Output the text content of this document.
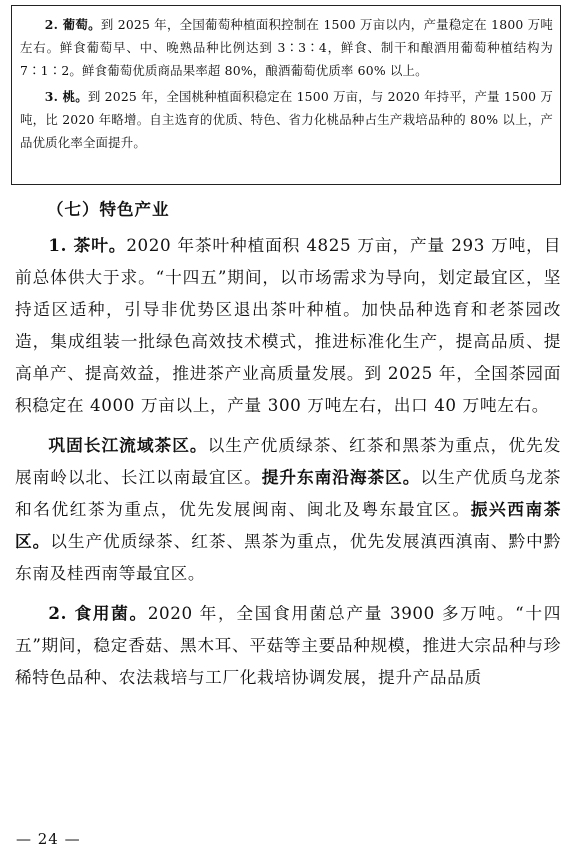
2. 葡萄。到 2025 年，全国葡萄种植面积控制在 1500 万亩以内，产量稳定在 1800 万吨左右。鲜食葡萄早、中、晚熟品种比例达到 3∶3∶4，鲜食、制干和酿酒用葡萄种植结构为 7∶1∶2。鲜食葡萄优质商品果率超 80%，酿酒葡萄优质率 60% 以上。

3. 桃。到 2025 年，全国桃种植面积稳定在 1500 万亩，与 2020 年持平，产量 1500 万吨，比 2020 年略增。自主选育的优质、特色、省力化桃品种占生产栽培品种的 80% 以上，产品优质化率全面提升。

（七）特色产业

1. 茶叶。2020 年茶叶种植面积 4825 万亩，产量 293 万吨，目前总体供大于求。“十四五”期间，以市场需求为导向，划定最宜区，坚持适区适种，引导非优势区退出茶叶种植。加快品种选育和老茶园改造，集成组装一批绿色高效技术模式，推进标准化生产，提高品质、提高单产、提高效益，推进茶产业高质量发展。到 2025 年，全国茶园面积稳定在 4000 万亩以上，产量 300 万吨左右，出口 40 万吨左右。

巩固长江流域茶区。以生产优质绿茶、红茶和黑茶为重点，优先发展南岭以北、长江以南最宜区。提升东南沿海茶区。以生产优质乌龙茶和名优红茶为重点，优先发展闽南、闽北及粤东最宜区。振兴西南茶区。以生产优质绿茶、红茶、黑茶为重点，优先发展滇西滇南、黔中黔东南及桂西南等最宜区。

2. 食用菌。2020 年，全国食用菌总产量 3900 多万吨。“十四五”期间，稳定香菇、黑木耳、平菇等主要品种规模，推进大宗品种与珍稀特色品种、农法栽培与工厂化栽培协调发展，提升产品品质

— 24 —
